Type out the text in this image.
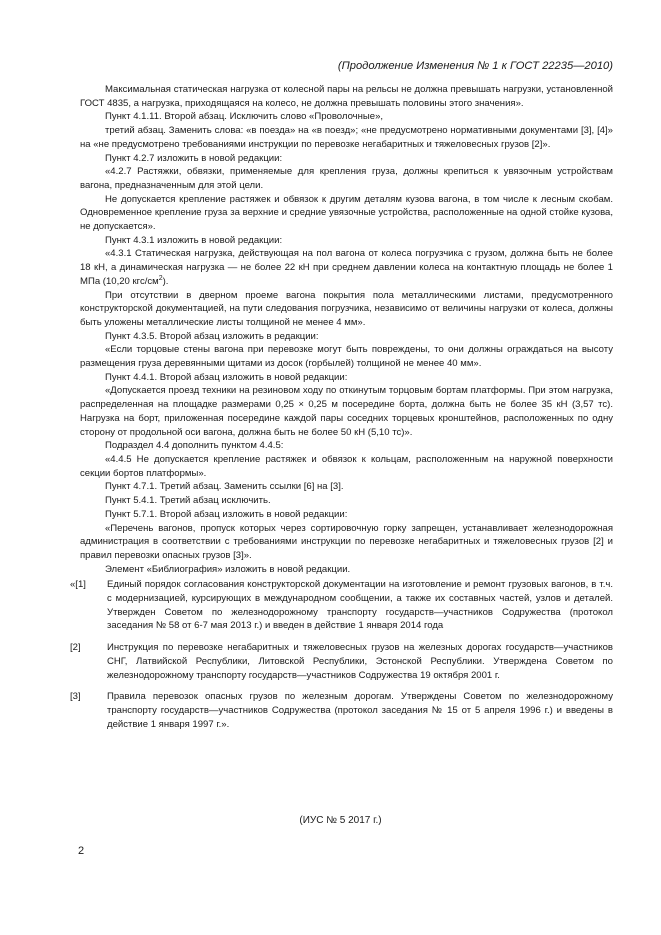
(Продолжение Изменения № 1 к ГОСТ 22235—2010)

Максимальная статическая нагрузка от колесной пары на рельсы не должна превышать нагрузки, установленной ГОСТ 4835, а нагрузка, приходящаяся на колесо, не должна превышать половины этого значения».

Пункт 4.1.11. Второй абзац. Исключить слово «Проволочные»,

третий абзац. Заменить слова: «в поезда» на «в поезд»; «не предусмотрено нормативными документами [3], [4]» на «не предусмотрено требованиями инструкции по перевозке негабаритных и тяжеловесных грузов [2]».

Пункт 4.2.7 изложить в новой редакции:

«4.2.7 Растяжки, обвязки, применяемые для крепления груза, должны крепиться к увязочным устройствам вагона, предназначенным для этой цели.

Не допускается крепление растяжек и обвязок к другим деталям кузова вагона, в том числе к лесным скобам. Одновременное крепление груза за верхние и средние увязочные устройства, расположенные на одной стойке кузова, не допускается».

Пункт 4.3.1 изложить в новой редакции:

«4.3.1 Статическая нагрузка, действующая на пол вагона от колеса погрузчика с грузом, должна быть не более 18 кН, а динамическая нагрузка — не более 22 кН при среднем давлении колеса на контактную площадь не более 1 МПа (10,20 кгс/$см^2$).

При отсутствии в дверном проеме вагона покрытия пола металлическими листами, предусмотренного конструкторской документацией, на пути следования погрузчика, независимо от величины нагрузки от колеса, должны быть уложены металлические листы толщиной не менее 4 мм».

Пункт 4.3.5. Второй абзац изложить в редакции:

«Если торцовые стены вагона при перевозке могут быть повреждены, то они должны ограждаться на высоту размещения груза деревянными щитами из досок (горбылей) толщиной не менее 40 мм».

Пункт 4.4.1. Второй абзац изложить в новой редакции:

«Допускается проезд техники на резиновом ходу по откинутым торцовым бортам платформы. При этом нагрузка, распределенная на площадке размерами 0,25 × 0,25 м посередине борта, должна быть не более 35 кН (3,57 тс). Нагрузка на борт, приложенная посередине каждой пары соседних торцевых кронштейнов, расположенных по одну сторону от продольной оси вагона, должна быть не более 50 кН (5,10 тс)».

Подраздел 4.4 дополнить пунктом 4.4.5:

«4.4.5 Не допускается крепление растяжек и обвязок к кольцам, расположенным на наружной поверхности секции бортов платформы».

Пункт 4.7.1. Третий абзац. Заменить ссылки [6] на [3].

Пункт 5.4.1. Третий абзац исключить.

Пункт 5.7.1. Второй абзац изложить в новой редакции:

«Перечень вагонов, пропуск которых через сортировочную горку запрещен, устанавливает железнодорожная администрация в соответствии с требованиями инструкции по перевозке негабаритных и тяжеловесных грузов [2] и правил перевозки опасных грузов [3]».

Элемент «Библиография» изложить в новой редакции.

«[1] Единый порядок согласования конструкторской документации на изготовление и ремонт грузовых вагонов, в т.ч. с модернизацией, курсирующих в международном сообщении, а также их составных частей, узлов и деталей. Утвержден Советом по железнодорожному транспорту государств—участников Содружества (протокол заседания № 58 от 6-7 мая 2013 г.) и введен в действие 1 января 2014 года
[2]	Инструкция по перевозке негабаритных и тяжеловесных грузов на железных дорогах государств—участников СНГ, Латвийской Республики, Литовской Республики, Эстонской Республики. Утверждена Советом по железнодорожному транспорту государств—участников Содружества 19 октября 2001 г.
[3]	Правила перевозок опасных грузов по железным дорогам. Утверждены Советом по железнодорожному транспорту государств—участников Содружества (протокол заседания № 15 от 5 апреля 1996 г.) и введены в действие 1 января 1997 г.».
(ИУС № 5 2017 г.)
2
